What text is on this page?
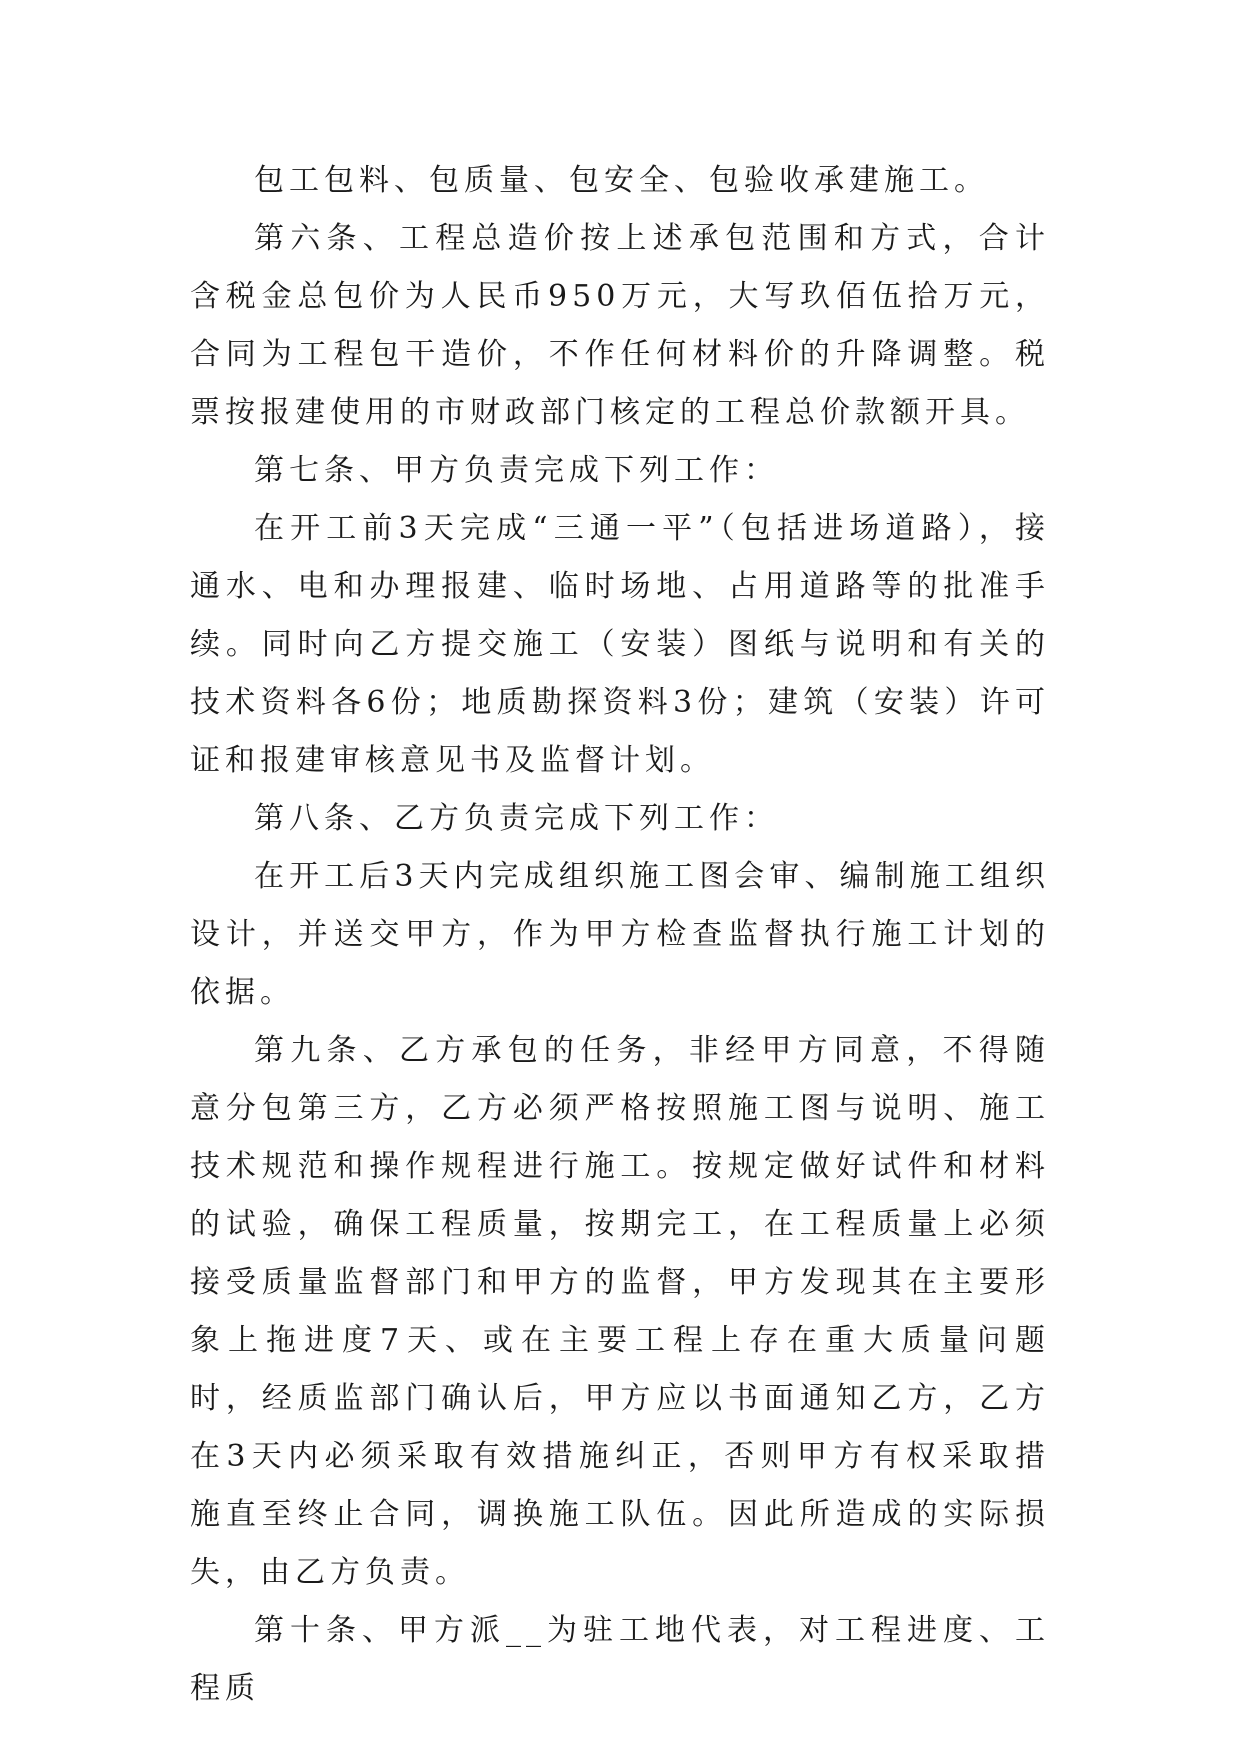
包工包料、包质量、包安全、包验收承建施工。

第六条、工程总造价按上述承包范围和方式，合计含税金总包价为人民币950万元，大写玖佰伍拾万元，合同为工程包干造价，不作任何材料价的升降调整。税票按报建使用的市财政部门核定的工程总价款额开具。

第七条、甲方负责完成下列工作：

在开工前3天完成“三通一平”（包括进场道路），接通水、电和办理报建、临时场地、占用道路等的批准手续。同时向乙方提交施工（安装）图纸与说明和有关的技术资料各6份；地质勘探资料3份；建筑（安装）许可证和报建审核意见书及监督计划。

第八条、乙方负责完成下列工作：

在开工后3天内完成组织施工图会审、编制施工组织设计，并送交甲方，作为甲方检查监督执行施工计划的依据。

第九条、乙方承包的任务，非经甲方同意，不得随意分包第三方，乙方必须严格按照施工图与说明、施工技术规范和操作规程进行施工。按规定做好试件和材料的试验，确保工程质量，按期完工，在工程质量上必须接受质量监督部门和甲方的监督，甲方发现其在主要形象上拖进度7天、或在主要工程上存在重大质量问题时，经质监部门确认后，甲方应以书面通知乙方，乙方在3天内必须采取有效措施纠正，否则甲方有权采取措施直至终止合同，调换施工队伍。因此所造成的实际损失，由乙方负责。

第十条、甲方派__为驻工地代表，对工程进度、工程质
